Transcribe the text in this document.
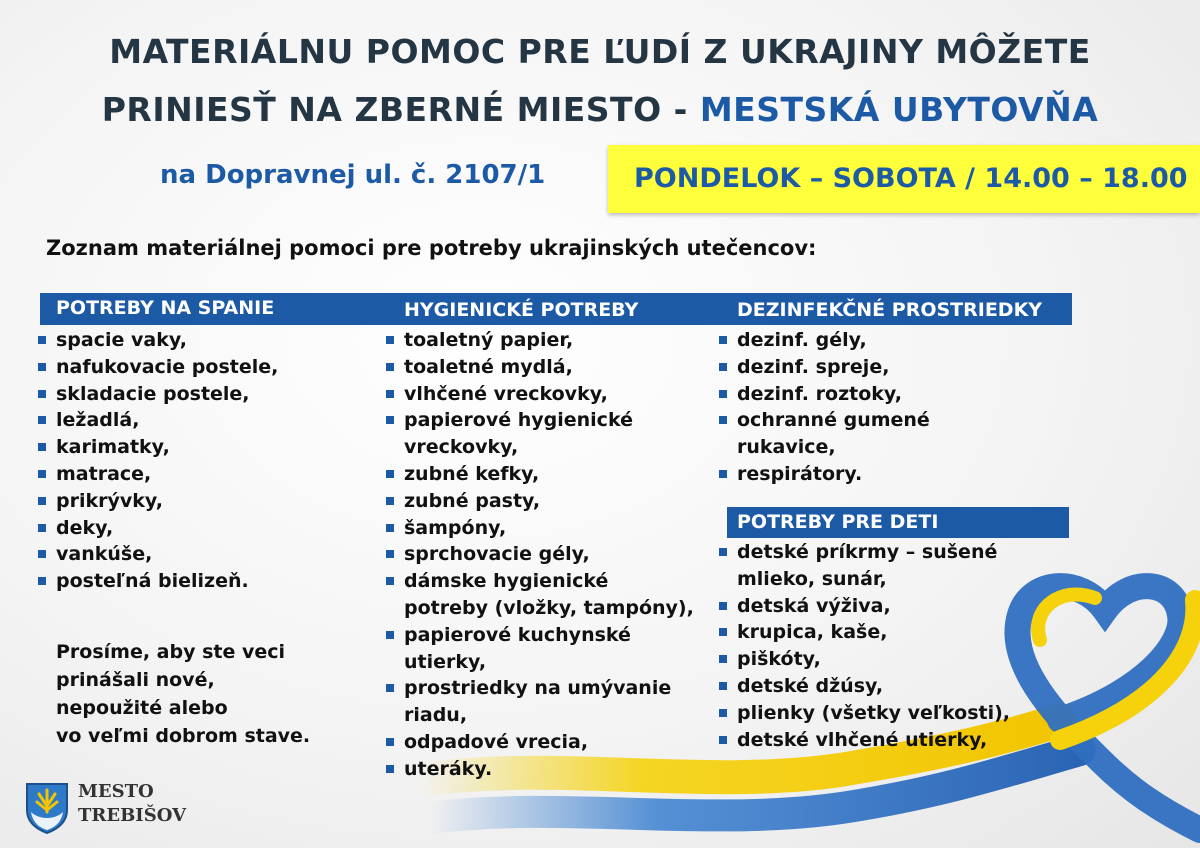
MATERIÁLNU POMOC PRE ĽUDÍ Z UKRAJINY MÔŽETE
PRINIESŤ NA ZBERNÉ MIESTO - MESTSKÁ UBYTOVŇA
na Dopravnej ul. č. 2107/1	PONDELOK – SOBOTA / 14.00 – 18.00
Zoznam materiálnej pomoci pre potreby ukrajinských utečencov:
POTREBY NA SPANIE	HYGIENICKÉ POTREBY	DEZINFEKČNÉ PROSTRIEDKY
spacie vaky,
nafukovacie postele,
skladacie postele,
ležadlá,
karimatky,
matrace,
prikrývky,
deky,
vankúše,
posteľná bielizeň.
toaletný papier,
toaletné mydlá,
vlhčené vreckovky,
papierové hygienické
vreckovky,
zubné kefky,
zubné pasty,
šampóny,
sprchovacie gély,
dámske hygienické
potreby (vložky, tampóny),
papierové kuchynské
utierky,
prostriedky na umývanie
riadu,
odpadové vrecia,
uteráky.
dezinf. gély,
dezinf. spreje,
dezinf. roztoky,
ochranné gumené
rukavice,
respirátory.
POTREBY PRE DETI
detské príkrmy – sušené
mlieko, sunár,
detská výživa,
krupica, kaše,
piškóty,
detské džúsy,
plienky (všetky veľkosti),
detské vlhčené utierky,

Prosíme, aby ste veci
prinášali nové,
nepoužité alebo
vo veľmi dobrom stave.

MESTO
TREBIŠOV
